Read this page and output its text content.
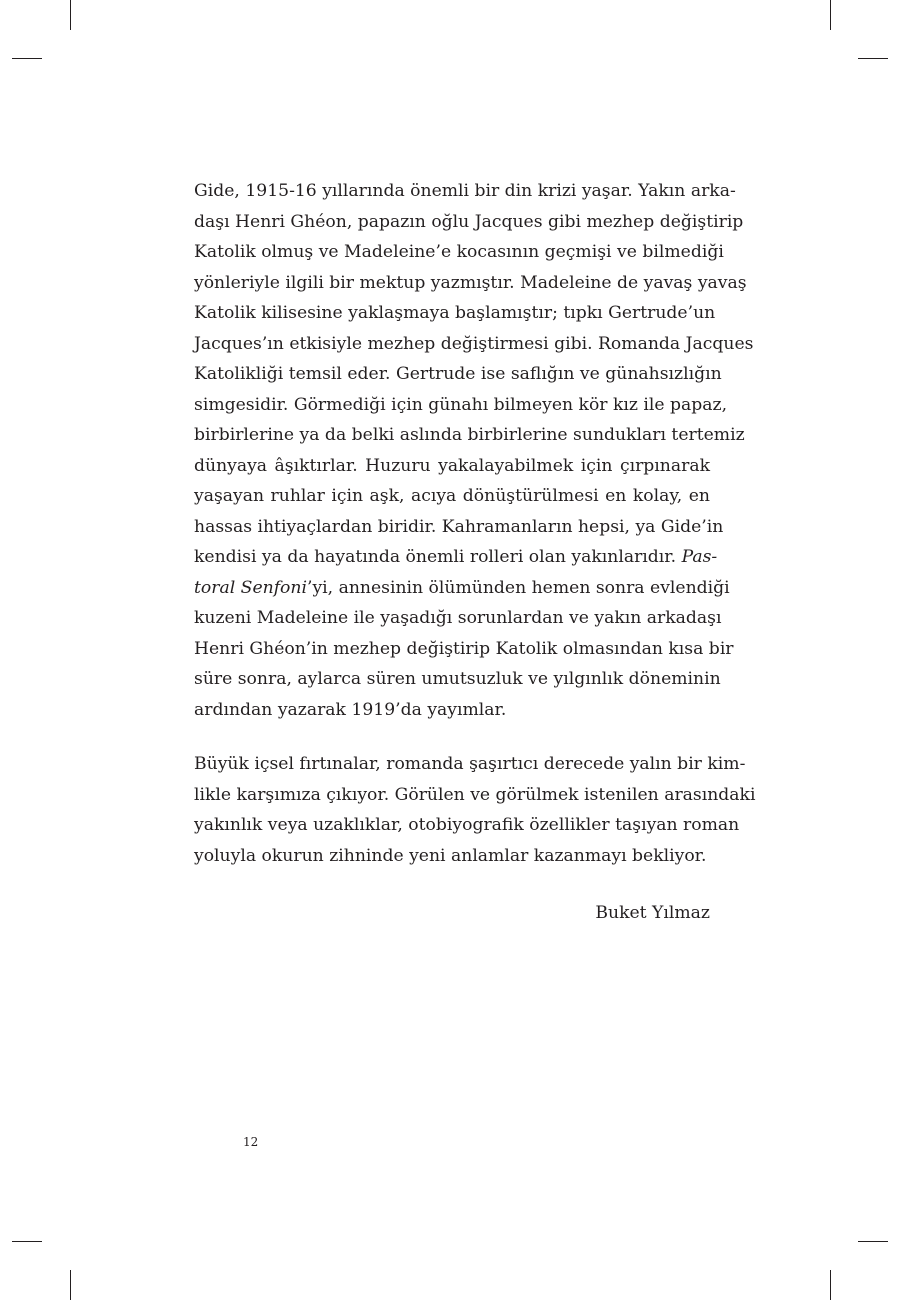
Gide, 1915-16 yıllarında önemli bir din krizi yaşar. Yakın arka-
daşı Henri Ghéon, papazın oğlu Jacques gibi mezhep değiştirip
Katolik olmuş ve Madeleine’e kocasının geçmişi ve bilmediği
yönleriyle ilgili bir mektup yazmıştır. Madeleine de yavaş yavaş
Katolik kilisesine yaklaşmaya başlamıştır; tıpkı Gertrude’un
Jacques’ın etkisiyle mezhep değiştirmesi gibi. Romanda Jacques
Katolikliği temsil eder. Gertrude ise saflığın ve günahsızlığın
simgesidir. Görmediği için günahı bilmeyen kör kız ile papaz,
birbirlerine ya da belki aslında birbirlerine sundukları tertemiz
dünyaya âşıktırlar. Huzuru yakalayabilmek için çırpınarak
yaşayan ruhlar için aşk, acıya dönüştürülmesi en kolay, en
hassas ihtiyaçlardan biridir. Kahramanların hepsi, ya Gide’in
kendisi ya da hayatında önemli rolleri olan yakınlarıdır. Pas-
toral Senfoni’yi, annesinin ölümünden hemen sonra evlendiği
kuzeni Madeleine ile yaşadığı sorunlardan ve yakın arkadaşı
Henri Ghéon’in mezhep değiştirip Katolik olmasından kısa bir
süre sonra, aylarca süren umutsuzluk ve yılgınlık döneminin
ardından yazarak 1919’da yayımlar.

Büyük içsel fırtınalar, romanda şaşırtıcı derecede yalın bir kim-
likle karşımıza çıkıyor. Görülen ve görülmek istenilen arasındaki
yakınlık veya uzaklıklar, otobiyografik özellikler taşıyan roman
yoluyla okurun zihninde yeni anlamlar kazanmayı bekliyor.

Buket Yılmaz
12
